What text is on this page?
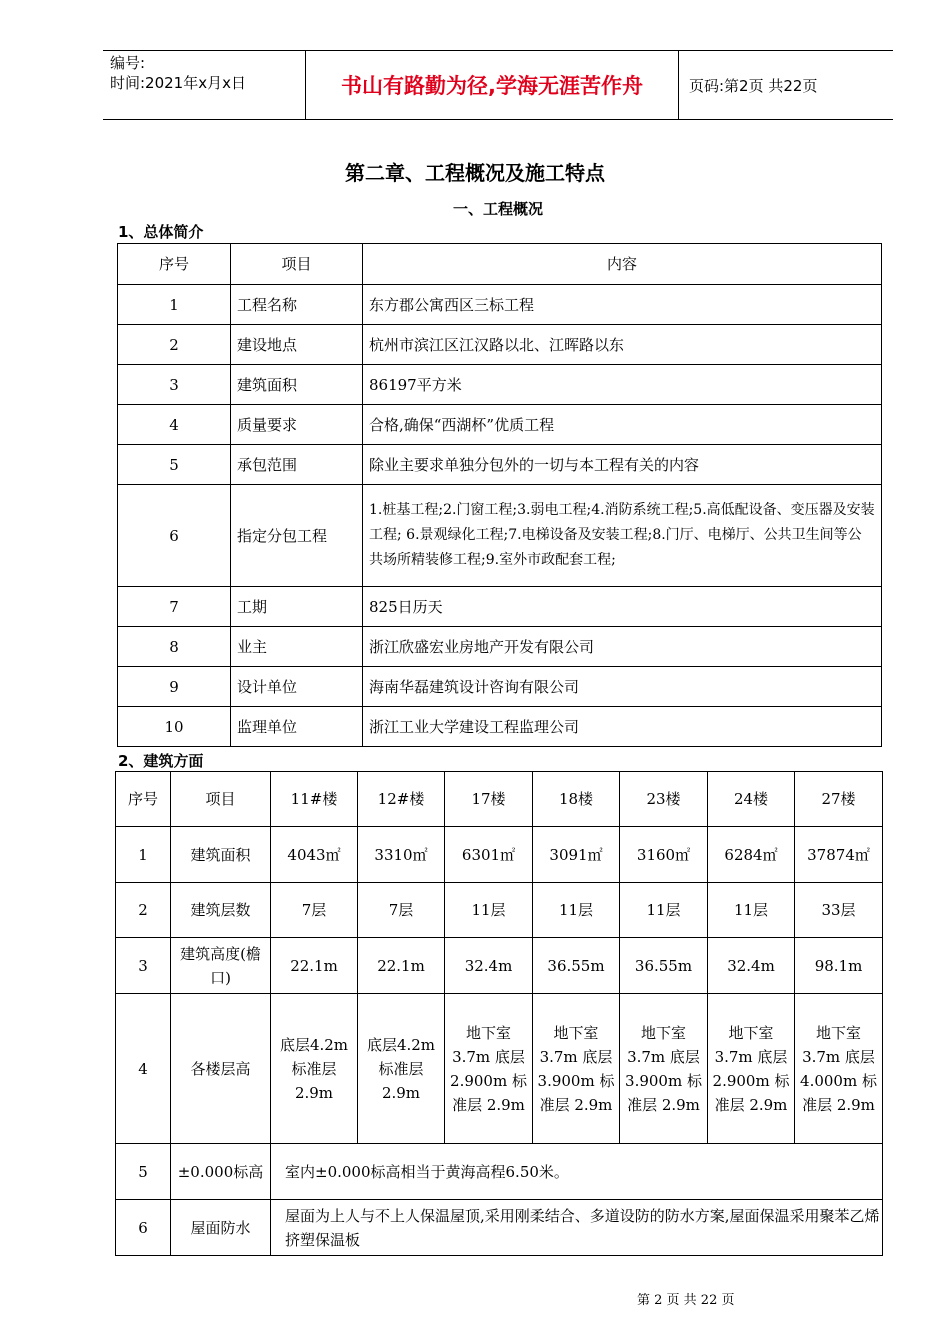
编号:
时间:2021年x月x日	书山有路勤为径,学海无涯苦作舟	页码:第2页 共22页
第二章、工程概况及施工特点
一、工程概况
1、总体简介
序号	项目	内容
1	工程名称	东方郡公寓西区三标工程
2	建设地点	杭州市滨江区江汉路以北、江晖路以东
3	建筑面积	86197平方米
4	质量要求	合格,确保“西湖杯”优质工程
5	承包范围	除业主要求单独分包外的一切与本工程有关的内容
6	指定分包工程	1.桩基工程;2.门窗工程;3.弱电工程;4.消防系统工程;5.高低配设备、变压器及安装工程; 6.景观绿化工程;7.电梯设备及安装工程;8.门厅、电梯厅、公共卫生间等公共场所精装修工程;9.室外市政配套工程;
7	工期	825日历天
8	业主	浙江欣盛宏业房地产开发有限公司
9	设计单位	海南华磊建筑设计咨询有限公司
10	监理单位	浙江工业大学建设工程监理公司
2、建筑方面
序号	项目	11#楼	12#楼	17楼	18楼	23楼	24楼	27楼
1	建筑面积	4043㎡	3310㎡	6301㎡	3091㎡	3160㎡	6284㎡	37874㎡
2	建筑层数	7层	7层	11层	11层	11层	11层	33层
3	建筑高度(檐口)	22.1m	22.1m	32.4m	36.55m	36.55m	32.4m	98.1m
4	各楼层高	底层4.2m 标准层 2.9m	底层4.2m 标准层 2.9m	地下室 3.7m 底层 2.900m 标准层 2.9m	地下室 3.7m 底层 3.900m 标准层 2.9m	地下室 3.7m 底层 3.900m 标准层 2.9m	地下室 3.7m 底层 2.900m 标准层 2.9m	地下室 3.7m 底层 4.000m 标准层 2.9m
5	±0.000标高	室内±0.000标高相当于黄海高程6.50米。						
6	屋面防水	屋面为上人与不上人保温屋顶,采用刚柔结合、多道设防的防水方案,屋面保温采用聚苯乙烯挤塑保温板						
第 2 页 共 22 页
